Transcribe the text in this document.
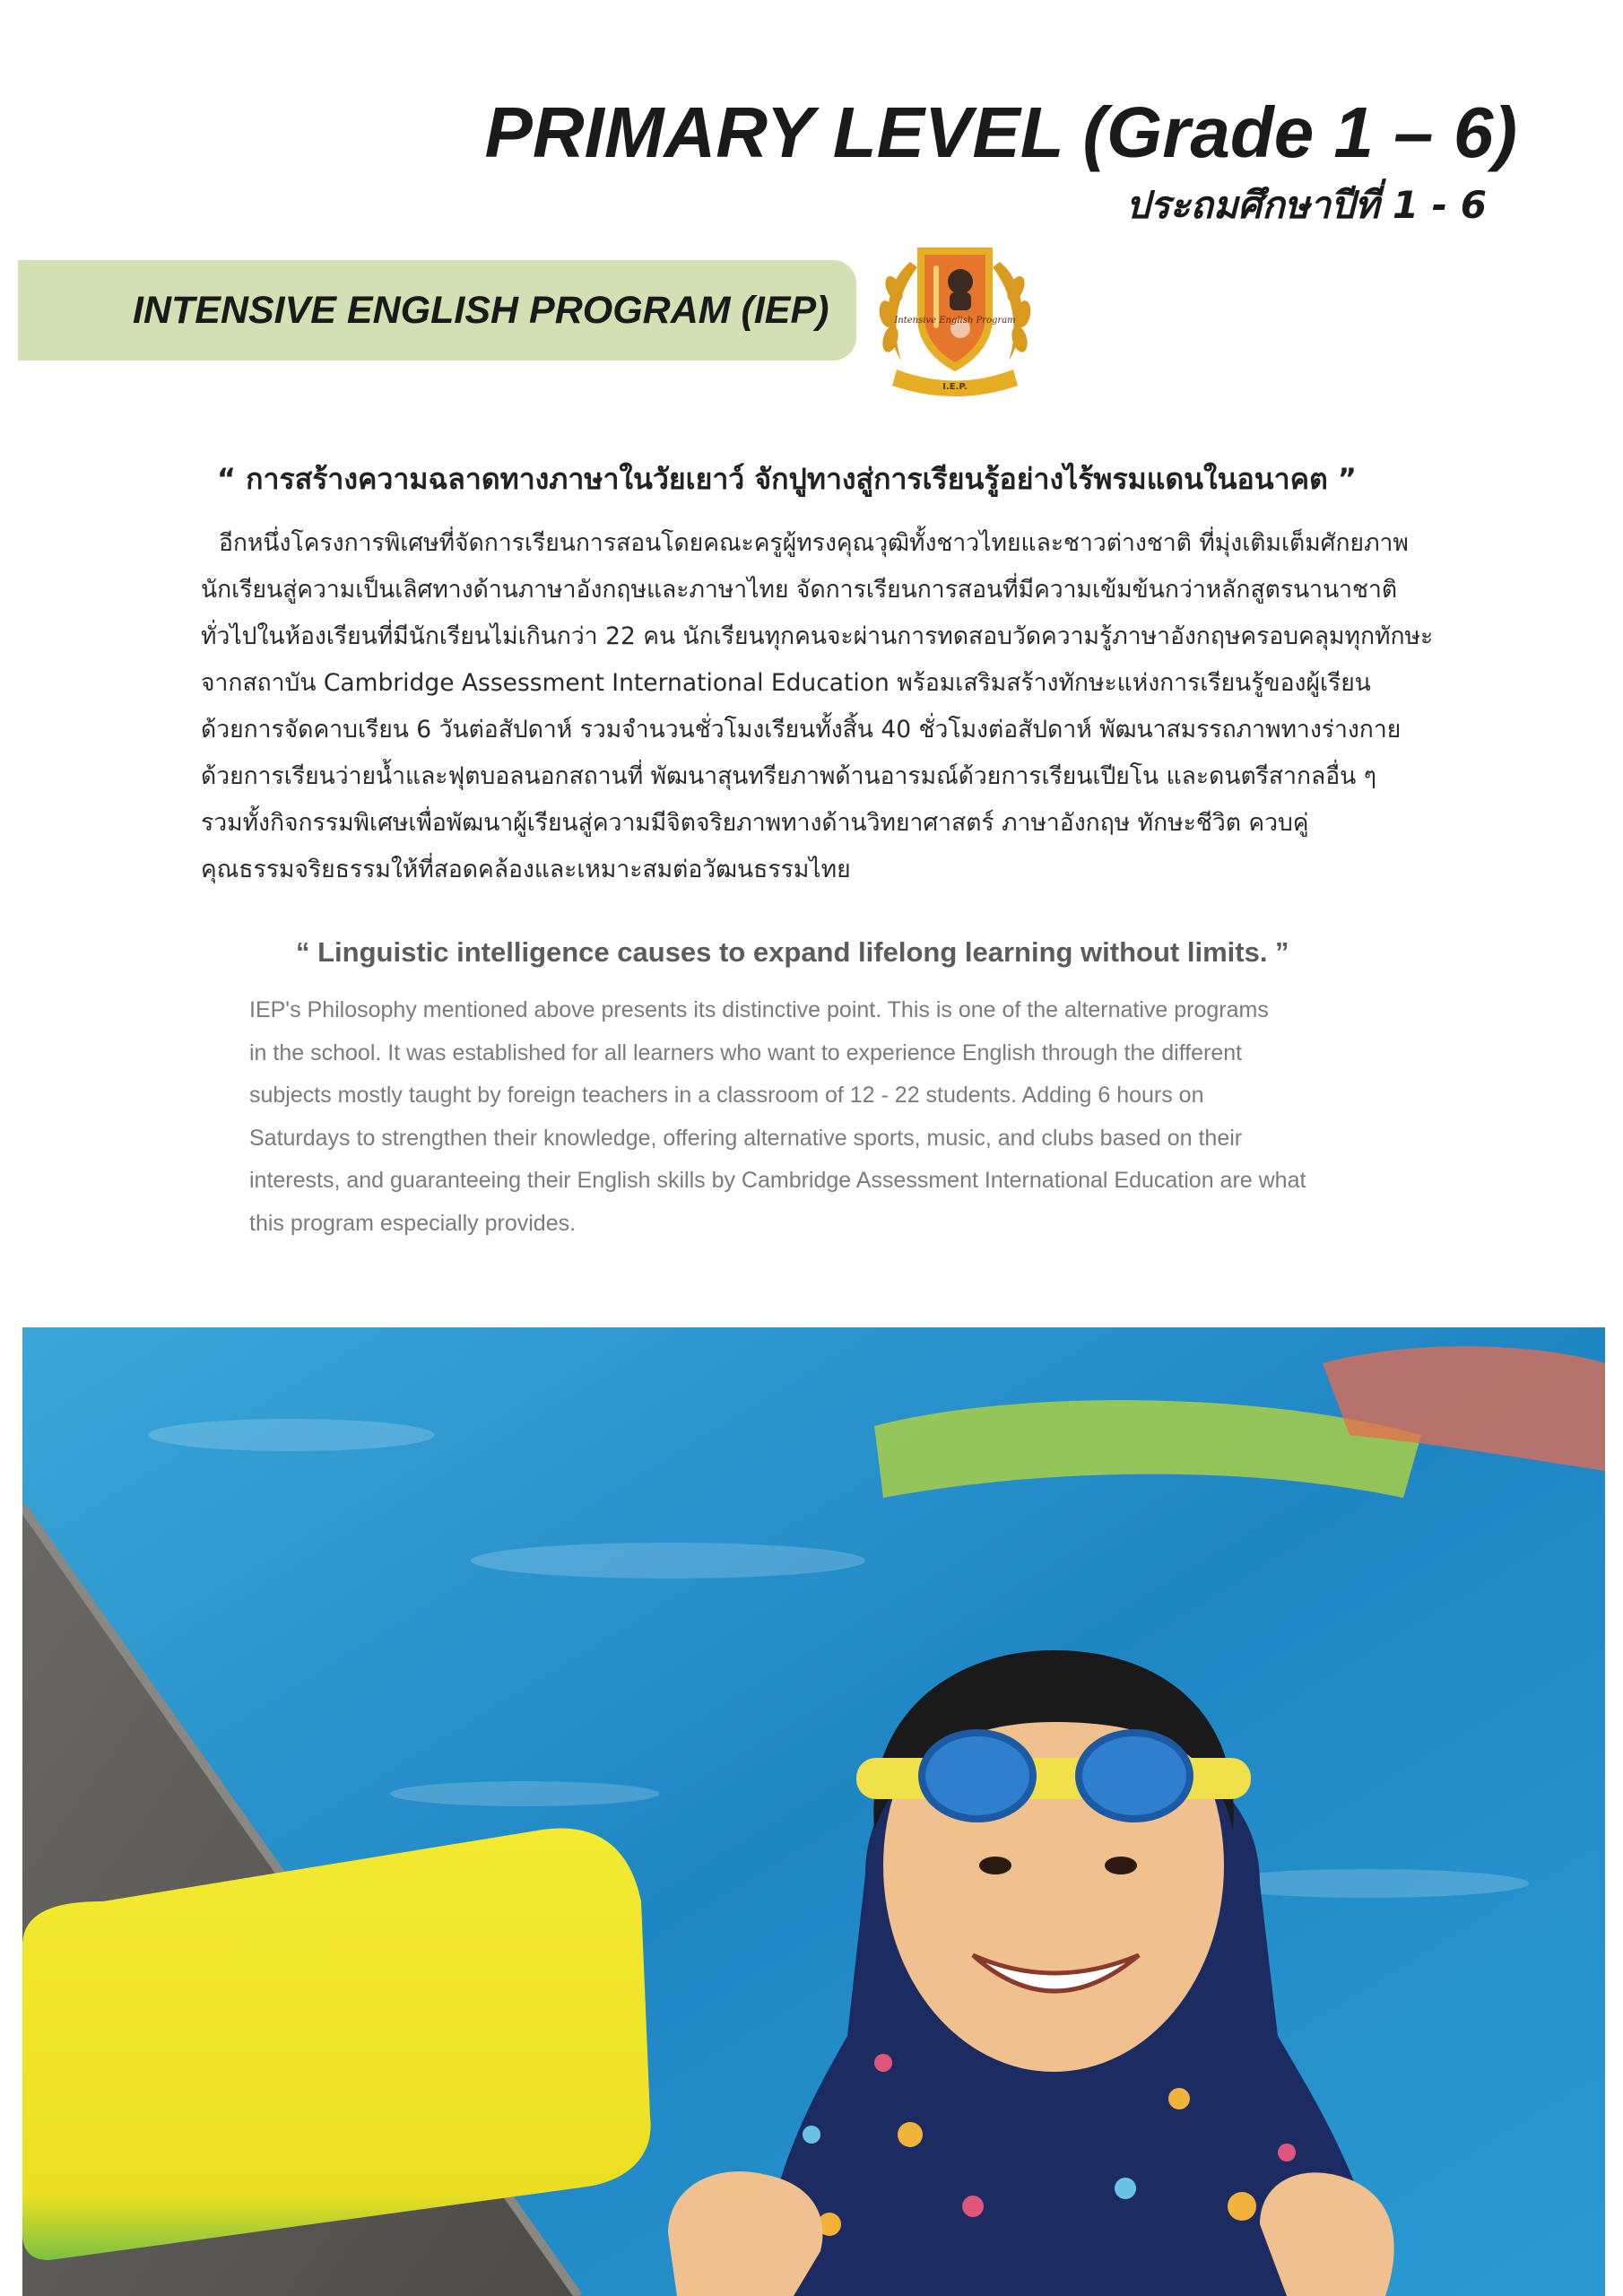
PRIMARY LEVEL (Grade 1 – 6)
ประถมศึกษาปีที่ 1 - 6
INTENSIVE ENGLISH PROGRAM (IEP)	Intensive English Program
I.E.P.

“ การสร้างความฉลาดทางภาษาในวัยเยาว์ จักปูทางสู่การเรียนรู้อย่างไร้พรมแดนในอนาคต ”

อีกหนึ่งโครงการพิเศษที่จัดการเรียนการสอนโดยคณะครูผู้ทรงคุณวุฒิทั้งชาวไทยและชาวต่างชาติ ที่มุ่งเติมเต็มศักยภาพ
นักเรียนสู่ความเป็นเลิศทางด้านภาษาอังกฤษและภาษาไทย จัดการเรียนการสอนที่มีความเข้มข้นกว่าหลักสูตรนานาชาติ
ทั่วไปในห้องเรียนที่มีนักเรียนไม่เกินกว่า 22 คน นักเรียนทุกคนจะผ่านการทดสอบวัดความรู้ภาษาอังกฤษครอบคลุมทุกทักษะ
จากสถาบัน Cambridge Assessment International Education พร้อมเสริมสร้างทักษะแห่งการเรียนรู้ของผู้เรียน
ด้วยการจัดคาบเรียน 6 วันต่อสัปดาห์ รวมจำนวนชั่วโมงเรียนทั้งสิ้น 40 ชั่วโมงต่อสัปดาห์ พัฒนาสมรรถภาพทางร่างกาย
ด้วยการเรียนว่ายน้ำและฟุตบอลนอกสถานที่ พัฒนาสุนทรียภาพด้านอารมณ์ด้วยการเรียนเปียโน และดนตรีสากลอื่น ๆ
รวมทั้งกิจกรรมพิเศษเพื่อพัฒนาผู้เรียนสู่ความมีจิตจริยภาพทางด้านวิทยาศาสตร์ ภาษาอังกฤษ ทักษะชีวิต ควบคู่
คุณธรรมจริยธรรมให้ที่สอดคล้องและเหมาะสมต่อวัฒนธรรมไทย

“ Linguistic intelligence causes to expand lifelong learning without limits. ”

IEP's Philosophy mentioned above presents its distinctive point. This is one of the alternative programs
in the school. It was established for all learners who want to experience English through the different
subjects mostly taught by foreign teachers in a classroom of 12 - 22 students. Adding 6 hours on
Saturdays to strengthen their knowledge, offering alternative sports, music, and clubs based on their
interests, and guaranteeing their English skills by Cambridge Assessment International Education are what
this program especially provides.
